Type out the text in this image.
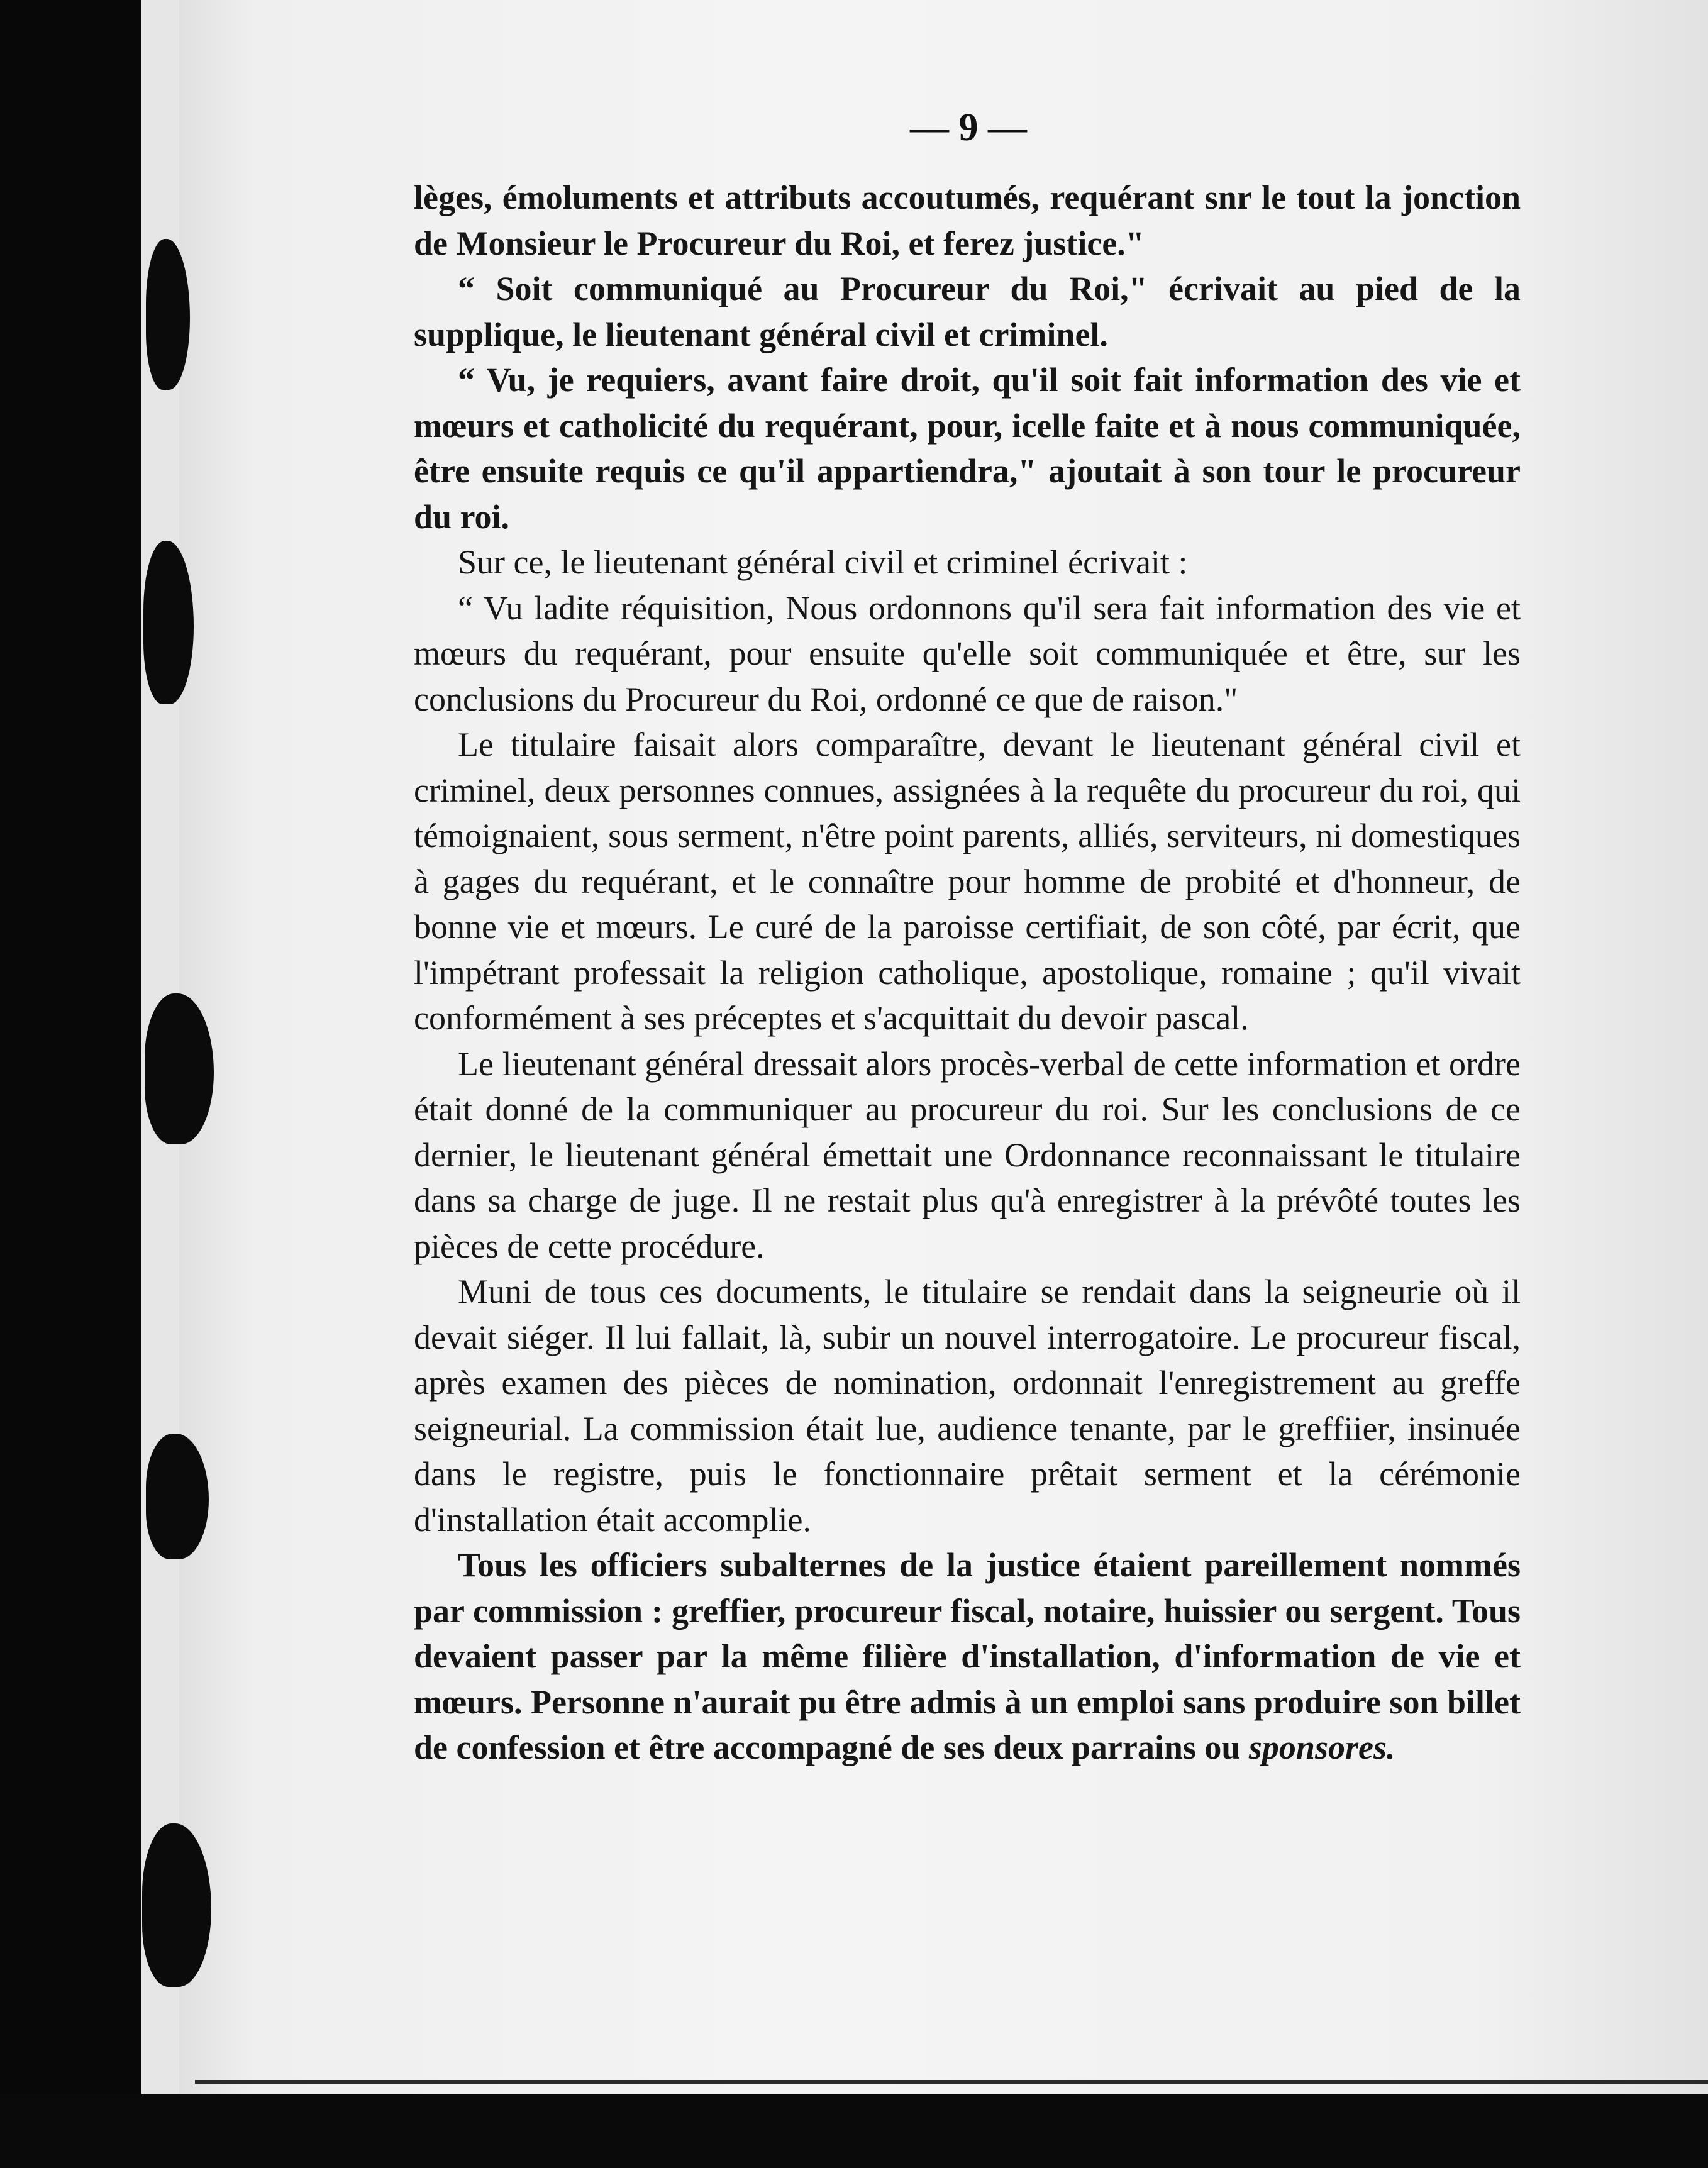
— 9 —

lèges, émoluments et attributs accoutumés, requérant snr le tout la jonction de Monsieur le Procureur du Roi, et ferez justice."

“ Soit communiqué au Procureur du Roi," écrivait au pied de la supplique, le lieutenant général civil et criminel.

“ Vu, je requiers, avant faire droit, qu'il soit fait information des vie et mœurs et catholicité du requérant, pour, icelle faite et à nous communiquée, être ensuite requis ce qu'il appartiendra," ajoutait à son tour le procureur du roi.

Sur ce, le lieutenant général civil et criminel écrivait :

“ Vu ladite réquisition, Nous ordonnons qu'il sera fait information des vie et mœurs du requérant, pour ensuite qu'elle soit communiquée et être, sur les conclusions du Procureur du Roi, ordonné ce que de raison."

Le titulaire faisait alors comparaître, devant le lieutenant général civil et criminel, deux personnes connues, assignées à la requête du procureur du roi, qui témoignaient, sous serment, n'être point parents, alliés, serviteurs, ni domestiques à gages du requérant, et le connaître pour homme de probité et d'honneur, de bonne vie et mœurs. Le curé de la paroisse certifiait, de son côté, par écrit, que l'impétrant professait la religion catholique, apostolique, romaine ; qu'il vivait conformément à ses préceptes et s'acquittait du devoir pascal.

Le lieutenant général dressait alors procès-verbal de cette information et ordre était donné de la communiquer au procureur du roi. Sur les conclusions de ce dernier, le lieutenant général émettait une Ordonnance reconnaissant le titulaire dans sa charge de juge. Il ne restait plus qu'à enregistrer à la prévôté toutes les pièces de cette procédure.

Muni de tous ces documents, le titulaire se rendait dans la seigneurie où il devait siéger. Il lui fallait, là, subir un nouvel interrogatoire. Le procureur fiscal, après examen des pièces de nomination, ordonnait l'enregistrement au greffe seigneurial. La commission était lue, audience tenante, par le greffiier, insinuée dans le registre, puis le fonctionnaire prêtait serment et la cérémonie d'installation était accomplie.

Tous les officiers subalternes de la justice étaient pareillement nommés par commission : greffier, procureur fiscal, notaire, huissier ou sergent. Tous devaient passer par la même filière d'installation, d'information de vie et mœurs. Personne n'aurait pu être admis à un emploi sans produire son billet de confession et être accompagné de ses deux parrains ou sponsores.
